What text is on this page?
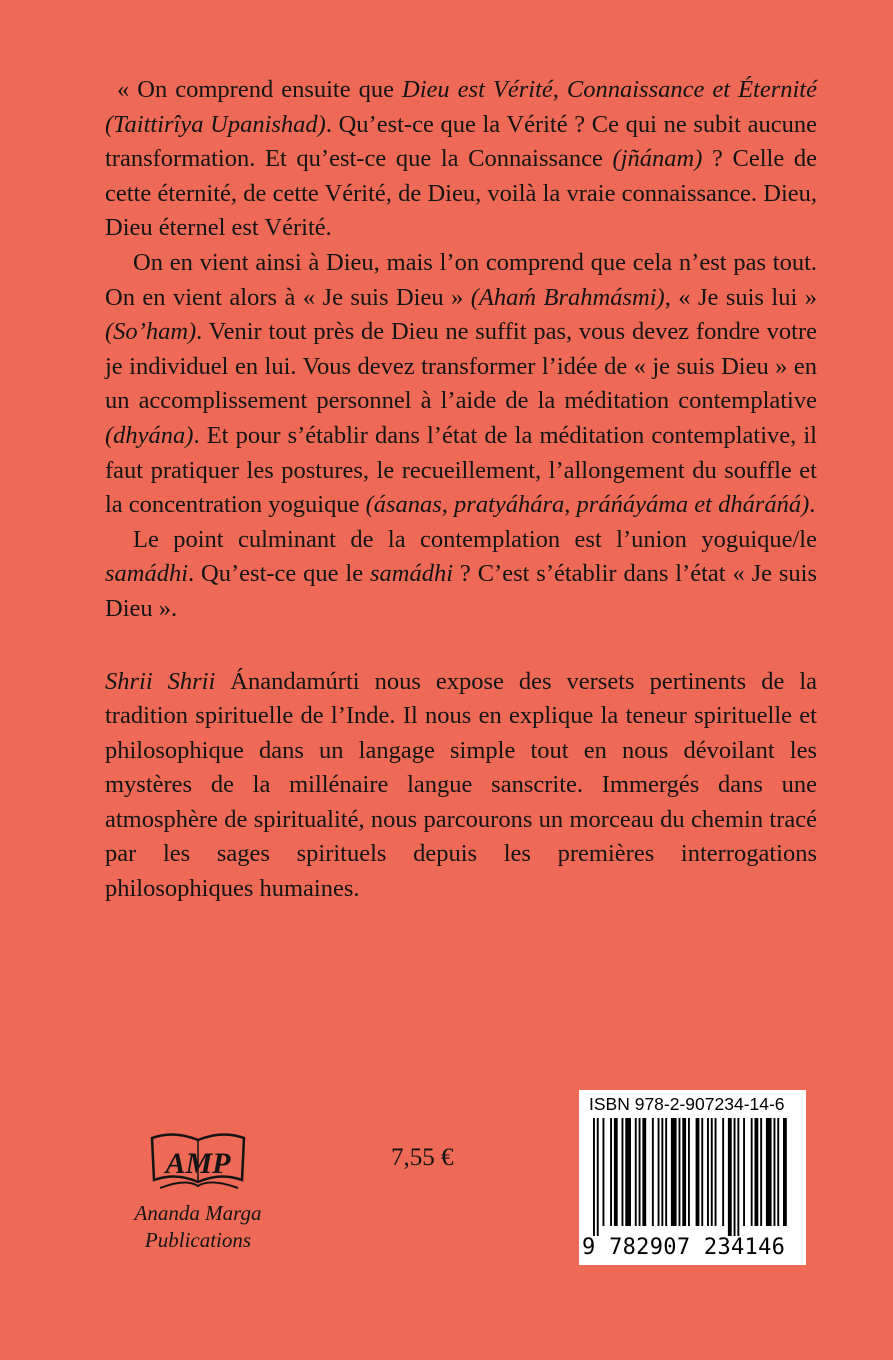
« On comprend ensuite que Dieu est Vérité, Connaissance et Éternité (Taittirîya Upanishad). Qu’est-ce que la Vérité ? Ce qui ne subit aucune transformation. Et qu’est-ce que la Connaissance (jñánam) ? Celle de cette éternité, de cette Vérité, de Dieu, voilà la vraie connaissance. Dieu, Dieu éternel est Vérité.

On en vient ainsi à Dieu, mais l’on comprend que cela n’est pas tout. On en vient alors à « Je suis Dieu » (Ahaḿ Brahmásmi), « Je suis lui » (So’ham). Venir tout près de Dieu ne suffit pas, vous devez fondre votre je individuel en lui. Vous devez transformer l’idée de « je suis Dieu » en un accomplissement personnel à l’aide de la méditation contemplative (dhyána). Et pour s’établir dans l’état de la méditation contemplative, il faut pratiquer les postures, le recueillement, l’allongement du souffle et la concentration yoguique (ásanas, pratyáhára, práńáyáma et dháráńá).

Le point culminant de la contemplation est l’union yoguique/le samádhi. Qu’est-ce que le samádhi ? C’est s’établir dans l’état « Je suis Dieu ».

Shrii Shrii Ánandamúrti nous expose des versets pertinents de la tradition spirituelle de l’Inde. Il nous en explique la teneur spirituelle et philosophique dans un langage simple tout en nous dévoilant les mystères de la millénaire langue sanscrite. Immergés dans une atmosphère de spiritualité, nous parcourons un morceau du chemin tracé par les sages spirituels depuis les premières interrogations philosophiques humaines.

AMP
Ananda Marga
Publications
7,55 €
ISBN 978-2-907234-14-6
9 782907 234146
